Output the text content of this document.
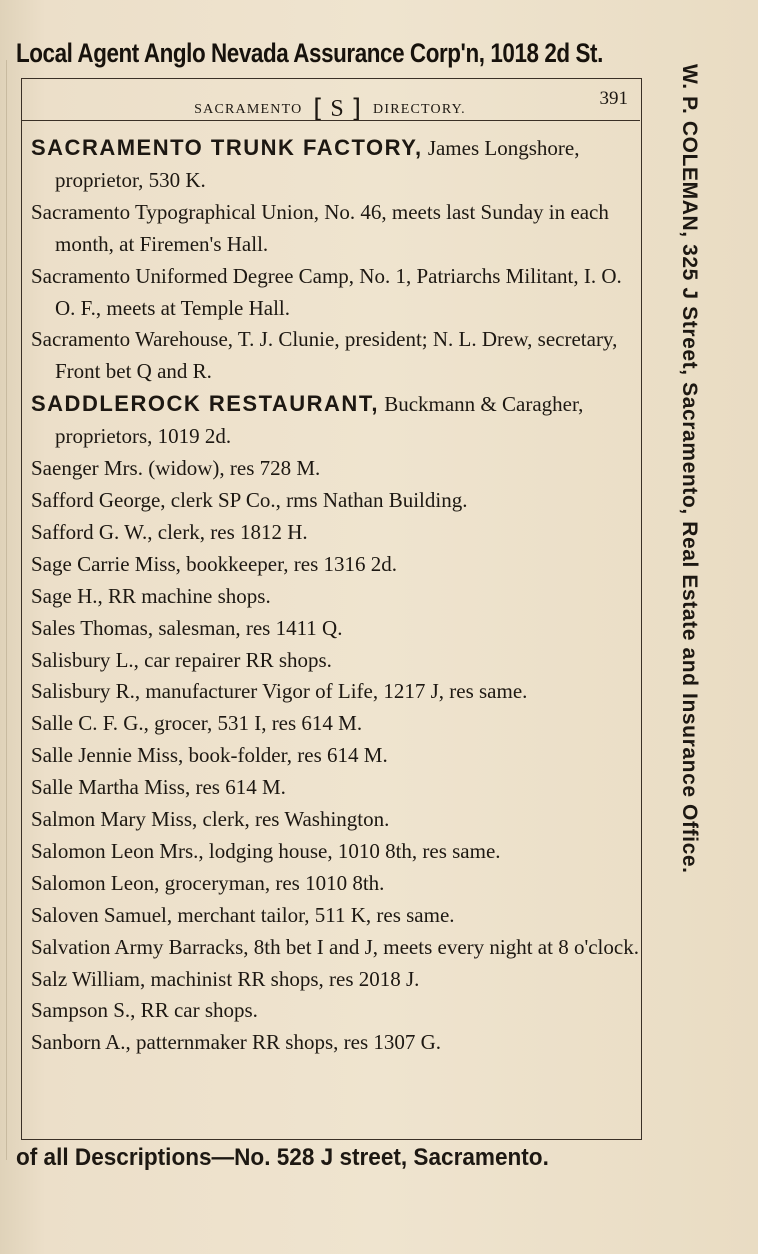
Local Agent Anglo Nevada Assurance Corp'n, 1018 2d St.
SACRAMENTO [ S ] DIRECTORY.
391
SACRAMENTO TRUNK FACTORY, James Longshore, proprietor, 530 K.
Sacramento Typographical Union, No. 46, meets last Sunday in each month, at Firemen's Hall.
Sacramento Uniformed Degree Camp, No. 1, Patriarchs Militant, I. O. O. F., meets at Temple Hall.
Sacramento Warehouse, T. J. Clunie, president; N. L. Drew, secretary, Front bet Q and R.
SADDLEROCK RESTAURANT, Buckmann & Caragher, proprietors, 1019 2d.
Saenger Mrs. (widow), res 728 M.
Safford George, clerk SP Co., rms Nathan Building.
Safford G. W., clerk, res 1812 H.
Sage Carrie Miss, bookkeeper, res 1316 2d.
Sage H., RR machine shops.
Sales Thomas, salesman, res 1411 Q.
Salisbury L., car repairer RR shops.
Salisbury R., manufacturer Vigor of Life, 1217 J, res same.
Salle C. F. G., grocer, 531 I, res 614 M.
Salle Jennie Miss, book-folder, res 614 M.
Salle Martha Miss, res 614 M.
Salmon Mary Miss, clerk, res Washington.
Salomon Leon Mrs., lodging house, 1010 8th, res same.
Salomon Leon, groceryman, res 1010 8th.
Saloven Samuel, merchant tailor, 511 K, res same.
Salvation Army Barracks, 8th bet I and J, meets every night at 8 o'clock.
Salz William, machinist RR shops, res 2018 J.
Sampson S., RR car shops.
Sanborn A., patternmaker RR shops, res 1307 G.
W. P. COLEMAN, 325 J Street, Sacramento, Real Estate and Insurance Office.
of all Descriptions—No. 528 J street, Sacramento.
